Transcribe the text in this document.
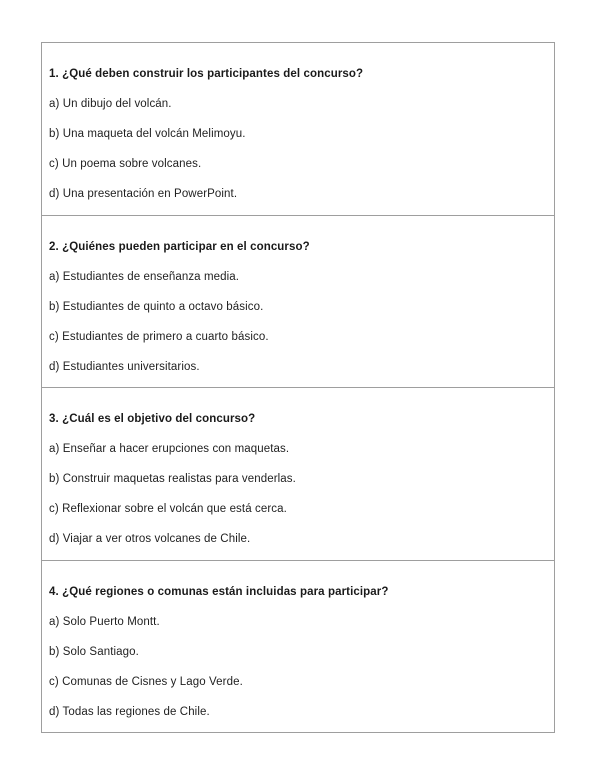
1. ¿Qué deben construir los participantes del concurso?

a) Un dibujo del volcán.

b) Una maqueta del volcán Melimoyu.

c) Un poema sobre volcanes.

d) Una presentación en PowerPoint.

2. ¿Quiénes pueden participar en el concurso?

a) Estudiantes de enseñanza media.

b) Estudiantes de quinto a octavo básico.

c) Estudiantes de primero a cuarto básico.

d) Estudiantes universitarios.

3. ¿Cuál es el objetivo del concurso?

a) Enseñar a hacer erupciones con maquetas.

b) Construir maquetas realistas para venderlas.

c) Reflexionar sobre el volcán que está cerca.

d) Viajar a ver otros volcanes de Chile.

4. ¿Qué regiones o comunas están incluidas para participar?

a) Solo Puerto Montt.

b) Solo Santiago.

c) Comunas de Cisnes y Lago Verde.

d) Todas las regiones de Chile.
